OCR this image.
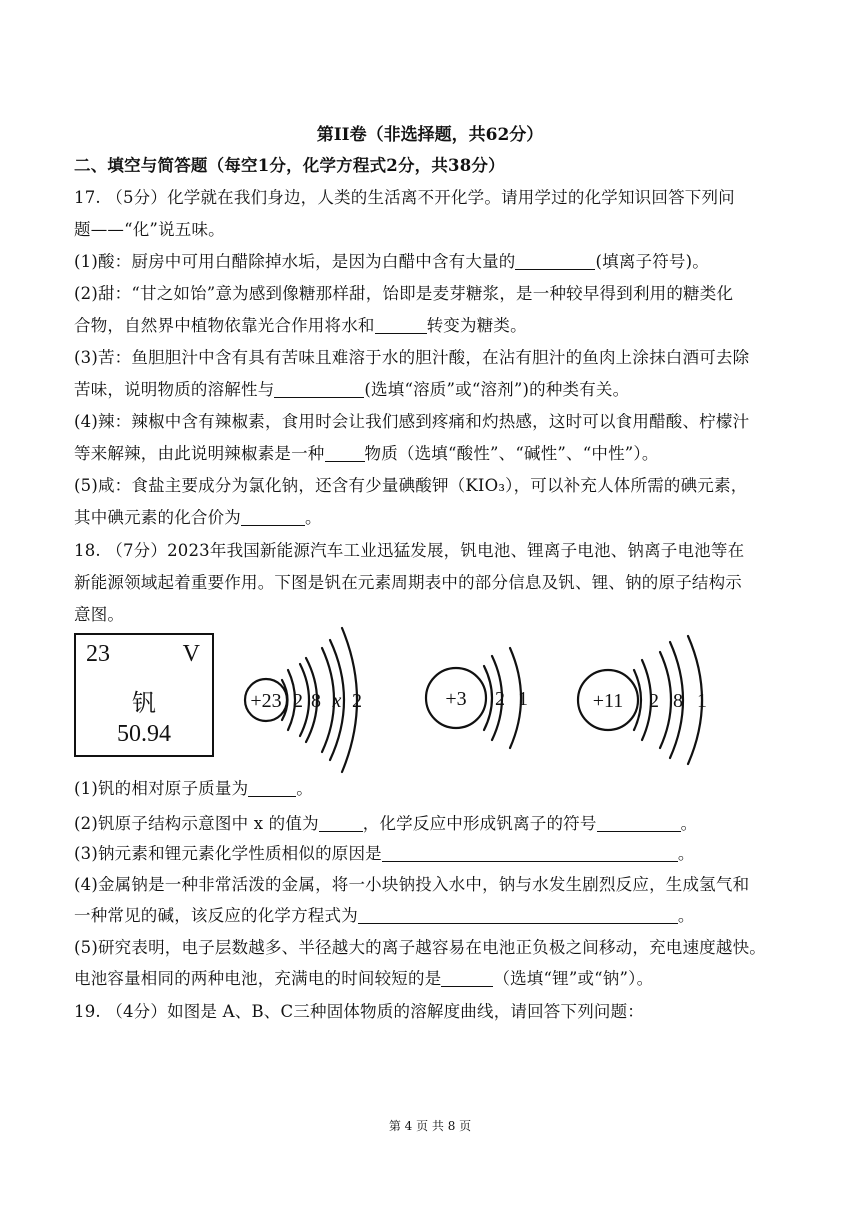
第II卷（非选择题，共62分）
二、填空与简答题（每空1分，化学方程式2分，共38分）
17. （5分）化学就在我们身边，人类的生活离不开化学。请用学过的化学知识回答下列问
题——“化”说五味。
(1)酸：厨房中可用白醋除掉水垢，是因为白醋中含有大量的	(填离子符号)。
(2)甜：“甘之如饴”意为感到像糖那样甜，饴即是麦芽糖浆，是一种较早得到利用的糖类化
合物，自然界中植物依靠光合作用将水和	转变为糖类。
(3)苦：鱼胆胆汁中含有具有苦味且难溶于水的胆汁酸，在沾有胆汁的鱼肉上涂抹白酒可去除
苦味，说明物质的溶解性与	(选填“溶质”或“溶剂”)的种类有关。
(4)辣：辣椒中含有辣椒素，食用时会让我们感到疼痛和灼热感，这时可以食用醋酸、柠檬汁
等来解辣，由此说明辣椒素是一种 物质（选填“酸性”、“碱性”、“中性”）。
(5)咸：食盐主要成分为氯化钠，还含有少量碘酸钾（KIO₃），可以补充人体所需的碘元素，
其中碘元素的化合价为	。
18. （7分）2023年我国新能源汽车工业迅猛发展，钒电池、锂离子电池、钠离子电池等在
新能源领域起着重要作用。下图是钒在元素周期表中的部分信息及钒、锂、钠的原子结构示
意图。
23	V
钒
50.94
+23 2 8 x 2	+3 2 1	+11 2 8 1
(1)钒的相对原子质量为	。
(2)钒原子结构示意图中 x 的值为	，化学反应中形成钒离子的符号	。
(3)钠元素和锂元素化学性质相似的原因是	。
(4)金属钠是一种非常活泼的金属，将一小块钠投入水中，钠与水发生剧烈反应，生成氢气和
一种常见的碱，该反应的化学方程式为	。
(5)研究表明，电子层数越多、半径越大的离子越容易在电池正负极之间移动，充电速度越快。
电池容量相同的两种电池，充满电的时间较短的是	（选填“锂”或“钠”）。
19. （4分）如图是 A、B、C三种固体物质的溶解度曲线，请回答下列问题：
第 4 页 共 8 页
